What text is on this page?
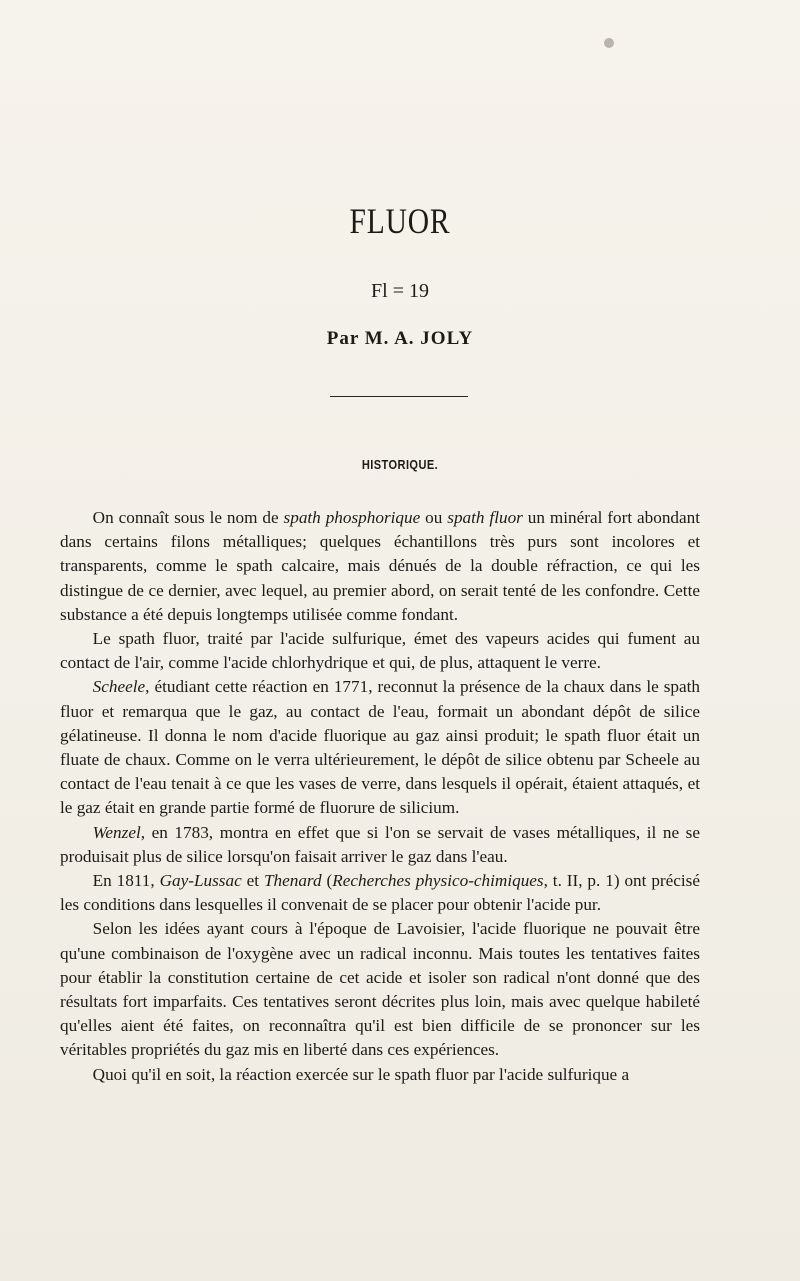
FLUOR
Fl = 19
Par M. A. JOLY
HISTORIQUE.

On connaît sous le nom de spath phosphorique ou spath fluor un minéral fort abondant dans certains filons métalliques; quelques échantillons très purs sont incolores et transparents, comme le spath calcaire, mais dénués de la double réfraction, ce qui les distingue de ce dernier, avec lequel, au premier abord, on serait tenté de les confondre. Cette substance a été depuis longtemps utilisée comme fondant.

Le spath fluor, traité par l'acide sulfurique, émet des vapeurs acides qui fument au contact de l'air, comme l'acide chlorhydrique et qui, de plus, attaquent le verre.

Scheele, étudiant cette réaction en 1771, reconnut la présence de la chaux dans le spath fluor et remarqua que le gaz, au contact de l'eau, formait un abondant dépôt de silice gélatineuse. Il donna le nom d'acide fluorique au gaz ainsi produit; le spath fluor était un fluate de chaux. Comme on le verra ultérieurement, le dépôt de silice obtenu par Scheele au contact de l'eau tenait à ce que les vases de verre, dans lesquels il opérait, étaient attaqués, et le gaz était en grande partie formé de fluorure de silicium.

Wenzel, en 1783, montra en effet que si l'on se servait de vases métalliques, il ne se produisait plus de silice lorsqu'on faisait arriver le gaz dans l'eau.

En 1811, Gay-Lussac et Thenard (Recherches physico-chimiques, t. II, p. 1) ont précisé les conditions dans lesquelles il convenait de se placer pour obtenir l'acide pur.

Selon les idées ayant cours à l'époque de Lavoisier, l'acide fluorique ne pouvait être qu'une combinaison de l'oxygène avec un radical inconnu. Mais toutes les tentatives faites pour établir la constitution certaine de cet acide et isoler son radical n'ont donné que des résultats fort imparfaits. Ces tentatives seront décrites plus loin, mais avec quelque habileté qu'elles aient été faites, on reconnaîtra qu'il est bien difficile de se prononcer sur les véritables propriétés du gaz mis en liberté dans ces expériences.

Quoi qu'il en soit, la réaction exercée sur le spath fluor par l'acide sulfurique a
